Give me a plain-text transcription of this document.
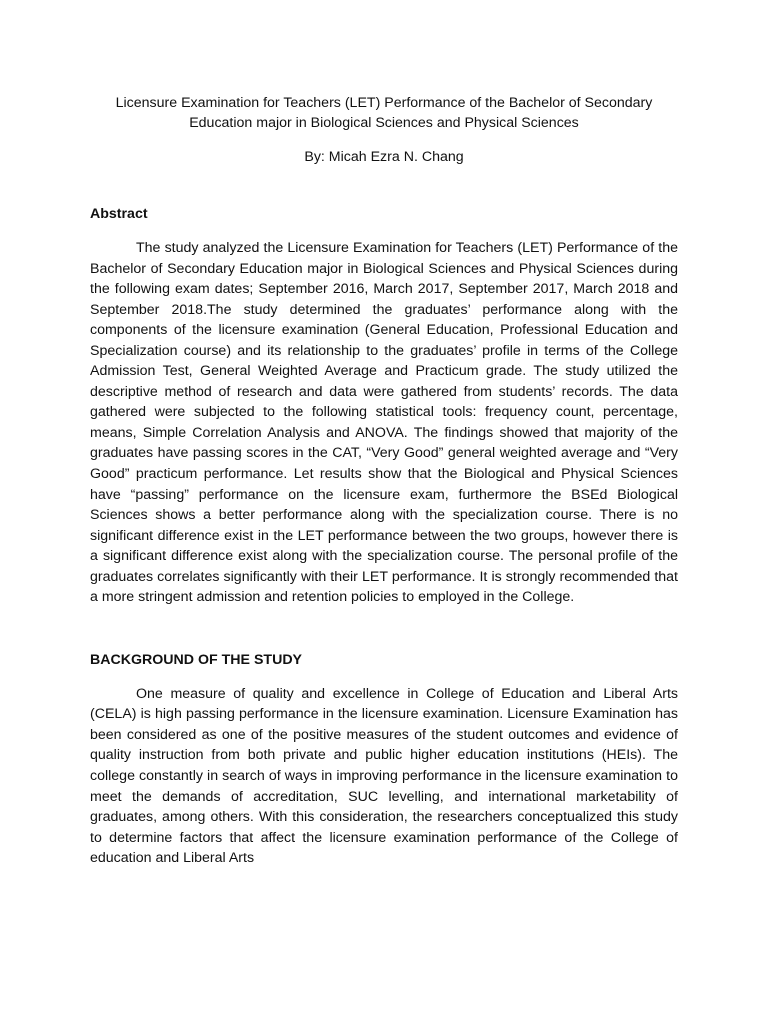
Licensure Examination for Teachers (LET) Performance of the Bachelor of Secondary
Education major in Biological Sciences and Physical Sciences

By: Micah Ezra N. Chang

Abstract

The study analyzed the Licensure Examination for Teachers (LET) Performance of the Bachelor of Secondary Education major in Biological Sciences and Physical Sciences during the following exam dates; September 2016, March 2017, September 2017, March 2018 and September 2018.The study determined the graduates’ performance along with the components of the licensure examination (General Education, Professional Education and Specialization course) and its relationship to the graduates’ profile in terms of the College Admission Test, General Weighted Average and Practicum grade. The study utilized the descriptive method of research and data were gathered from students’ records. The data gathered were subjected to the following statistical tools: frequency count, percentage, means, Simple Correlation Analysis and ANOVA. The findings showed that majority of the graduates have passing scores in the CAT, “Very Good” general weighted average and “Very Good” practicum performance. Let results show that the Biological and Physical Sciences have “passing” performance on the licensure exam, furthermore the BSEd Biological Sciences shows a better performance along with the specialization course. There is no significant difference exist in the LET performance between the two groups, however there is a significant difference exist along with the specialization course. The personal profile of the graduates correlates significantly with their LET performance. It is strongly recommended that a more stringent admission and retention policies to employed in the College.

BACKGROUND OF THE STUDY

One measure of quality and excellence in College of Education and Liberal Arts (CELA) is high passing performance in the licensure examination. Licensure Examination has been considered as one of the positive measures of the student outcomes and evidence of quality instruction from both private and public higher education institutions (HEIs). The college constantly in search of ways in improving performance in the licensure examination to meet the demands of accreditation, SUC levelling, and international marketability of graduates, among others. With this consideration, the researchers conceptualized this study to determine factors that affect the licensure examination performance of the College of education and Liberal Arts
